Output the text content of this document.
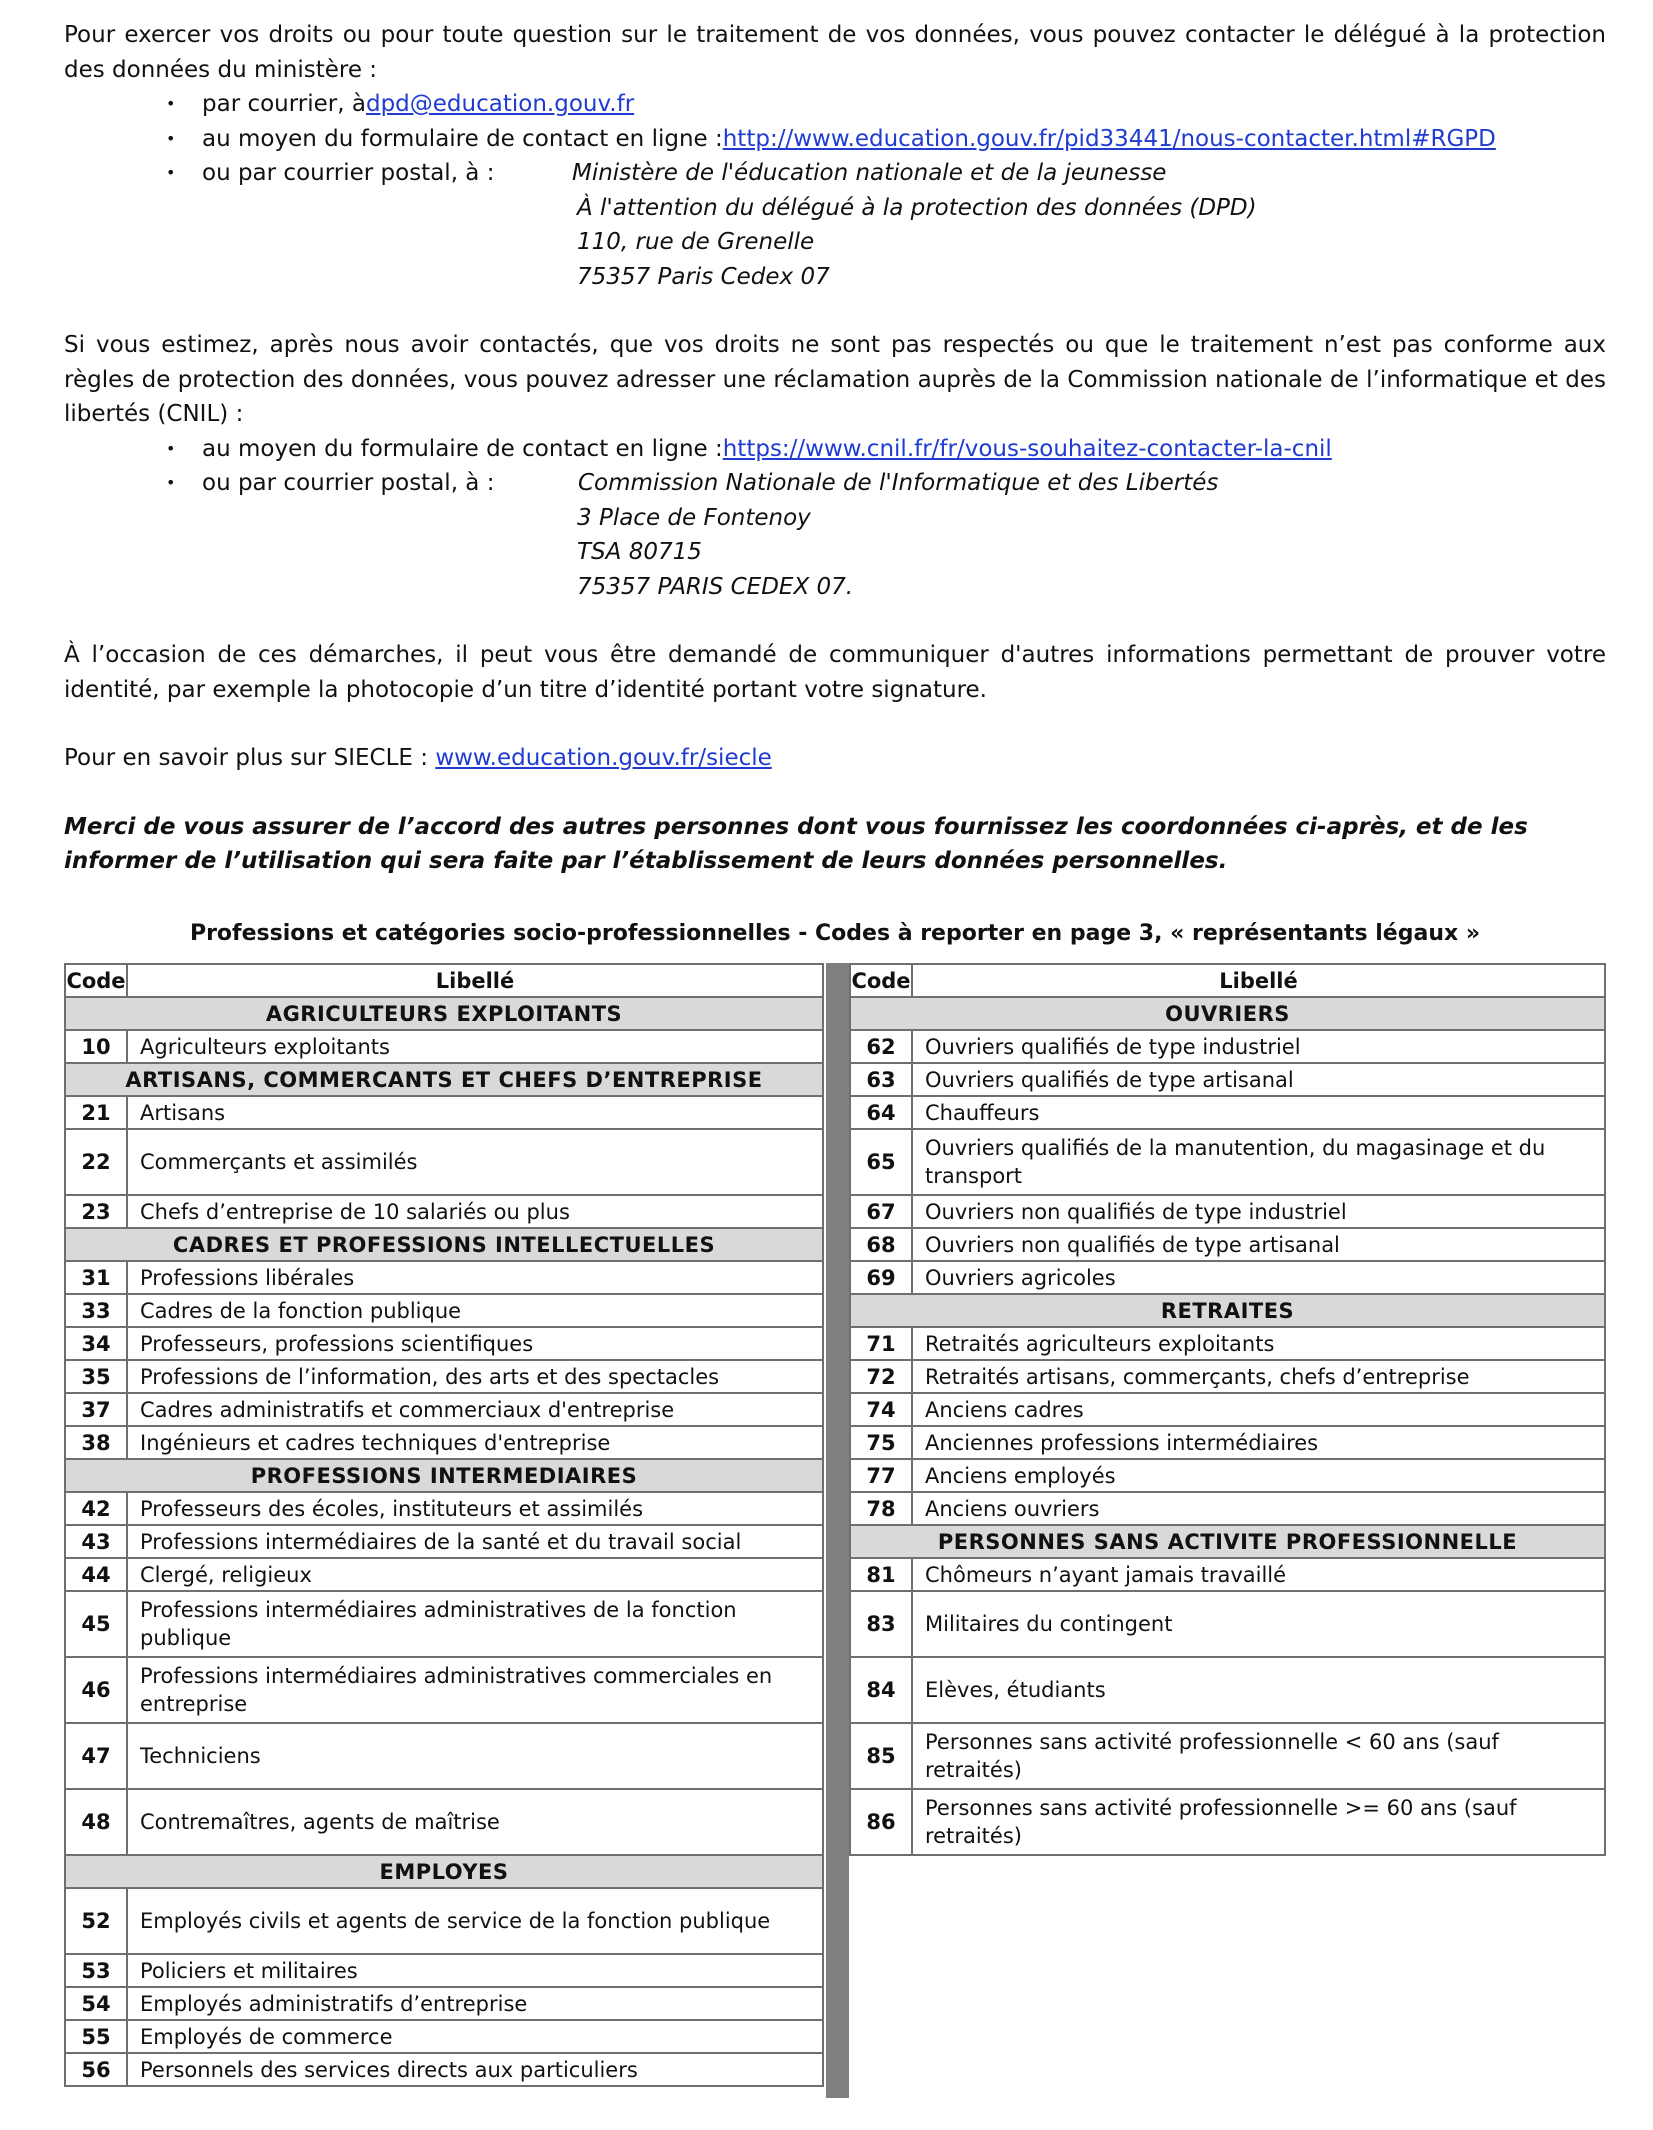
Pour exercer vos droits ou pour toute question sur le traitement de vos données, vous pouvez contacter le délégué à la protection des données du ministère :

• par courrier, àdpd@education.gouv.fr
• au moyen du formulaire de contact en ligne :http://www.education.gouv.fr/pid33441/nous-contacter.html#RGPD
• ou par courrier postal, à :	Ministère de l'éducation nationale et de la jeunesse
À l'attention du délégué à la protection des données (DPD)
110, rue de Grenelle
75357 Paris Cedex 07

Si vous estimez, après nous avoir contactés, que vos droits ne sont pas respectés ou que le traitement n’est pas conforme aux règles de protection des données, vous pouvez adresser une réclamation auprès de la Commission nationale de l’informatique et des libertés (CNIL) :

• au moyen du formulaire de contact en ligne :https://www.cnil.fr/fr/vous-souhaitez-contacter-la-cnil
• ou par courrier postal, à :	Commission Nationale de l'Informatique et des Libertés
3 Place de Fontenoy
TSA 80715
75357 PARIS CEDEX 07.

À l’occasion de ces démarches, il peut vous être demandé de communiquer d'autres informations permettant de prouver votre identité, par exemple la photocopie d’un titre d’identité portant votre signature.

Pour en savoir plus sur SIECLE : www.education.gouv.fr/siecle

Merci de vous assurer de l’accord des autres personnes dont vous fournissez les coordonnées ci-après, et de les informer de l’utilisation qui sera faite par l’établissement de leurs données personnelles.

Professions et catégories socio-professionnelles - Codes à reporter en page 3, « représentants légaux »
Code	Libellé
AGRICULTEURS EXPLOITANTS	
10	Agriculteurs exploitants
ARTISANS, COMMERCANTS ET CHEFS D’ENTREPRISE	
21	Artisans
22	Commerçants et assimilés
23	Chefs d’entreprise de 10 salariés ou plus
CADRES ET PROFESSIONS INTELLECTUELLES	
31	Professions libérales
33	Cadres de la fonction publique
34	Professeurs, professions scientifiques
35	Professions de l’information, des arts et des spectacles
37	Cadres administratifs et commerciaux d'entreprise
38	Ingénieurs et cadres techniques d'entreprise
PROFESSIONS INTERMEDIAIRES	
42	Professeurs des écoles, instituteurs et assimilés
43	Professions intermédiaires de la santé et du travail social
44	Clergé, religieux
45	Professions intermédiaires administratives de la fonction publique
46	Professions intermédiaires administratives commerciales en entreprise
47	Techniciens
48	Contremaîtres, agents de maîtrise
EMPLOYES	
52	Employés civils et agents de service de la fonction publique
53	Policiers et militaires
54	Employés administratifs d’entreprise
55	Employés de commerce
56	Personnels des services directs aux particuliers
Code	Libellé
OUVRIERS	
62	Ouvriers qualifiés de type industriel
63	Ouvriers qualifiés de type artisanal
64	Chauffeurs
65	Ouvriers qualifiés de la manutention, du magasinage et du transport
67	Ouvriers non qualifiés de type industriel
68	Ouvriers non qualifiés de type artisanal
69	Ouvriers agricoles
RETRAITES	
71	Retraités agriculteurs exploitants
72	Retraités artisans, commerçants, chefs d’entreprise
74	Anciens cadres
75	Anciennes professions intermédiaires
77	Anciens employés
78	Anciens ouvriers
PERSONNES SANS ACTIVITE PROFESSIONNELLE	
81	Chômeurs n’ayant jamais travaillé
83	Militaires du contingent
84	Elèves, étudiants
85	Personnes sans activité professionnelle < 60 ans (sauf retraités)
86	Personnes sans activité professionnelle >= 60 ans (sauf retraités)
